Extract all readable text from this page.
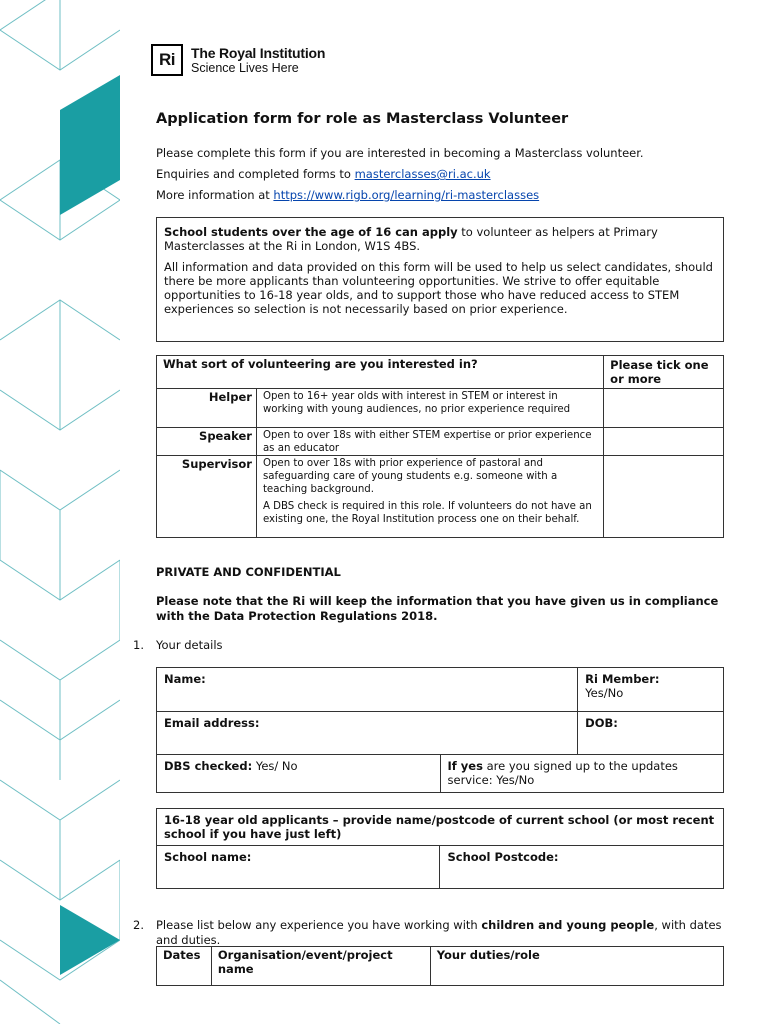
Ri	The Royal Institution
Science Lives Here
Application form for role as Masterclass Volunteer
Please complete this form if you are interested in becoming a Masterclass volunteer.
Enquiries and completed forms to masterclasses@ri.ac.uk
More information at https://www.rigb.org/learning/ri-masterclasses

School students over the age of 16 can apply to volunteer as helpers at Primary Masterclasses at the Ri in London, W1S 4BS.

All information and data provided on this form will be used to help us select candidates, should there be more applicants than volunteering opportunities. We strive to offer equitable opportunities to 16-18 year olds, and to support those who have reduced access to STEM experiences so selection is not necessarily based on prior experience.

What sort of volunteering are you interested in?		Please tick one or more
Helper	Open to 16+ year olds with interest in STEM or interest in working with young audiences, no prior experience required	
Speaker	Open to over 18s with either STEM expertise or prior experience as an educator	
Supervisor	Open to over 18s with prior experience of pastoral and safeguarding care of young students e.g. someone with a teaching background.
A DBS check is required in this role. If volunteers do not have an existing one, the Royal Institution process one on their behalf.	

PRIVATE AND CONFIDENTIAL
Please note that the Ri will keep the information that you have given us in compliance with the Data Protection Regulations 2018.
1. Your details
Name:		Ri Member:
Yes/No

Email address:		DOB:
DBS checked: Yes/ No	If yes are you signed up to the updates service: Yes/No	
16-18 year old applicants – provide name/postcode of current school (or most recent school if you have just left)
School name:	School Postcode:
2. Please list below any experience you have working with children and young people, with dates and duties.
Dates	Organisation/event/project name	Your duties/role
